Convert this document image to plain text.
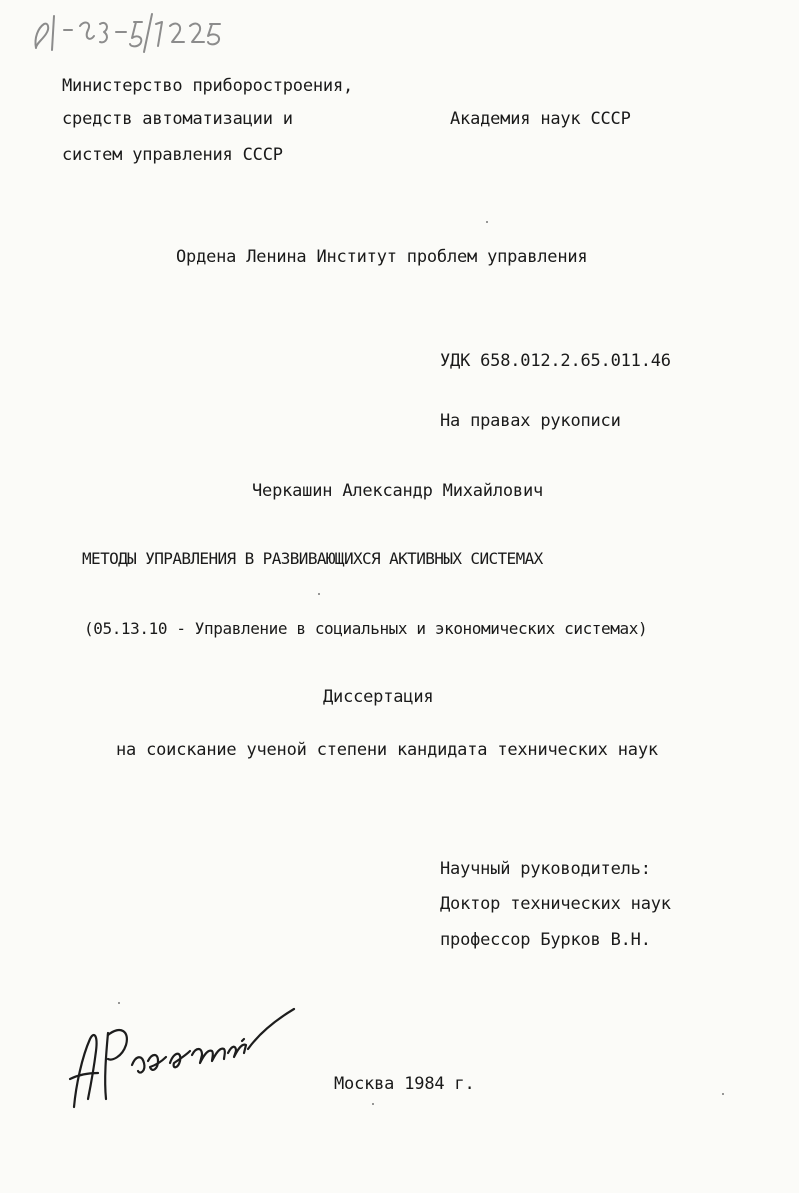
Министерство приборостроения,
средств автоматизации и
систем управления СССР
Академия наук СССР
Ордена Ленина Институт проблем управления
УДК 658.012.2.65.011.46
На правах рукописи
Черкашин Александр Михайлович
МЕТОДЫ УПРАВЛЕНИЯ В РАЗВИВАЮЩИХСЯ АКТИВНЫХ СИСТЕМАХ
(05.13.10 - Управление в социальных и экономических системах)
Диссертация
на соискание ученой степени кандидата технических наук
Научный руководитель:
Доктор технических наук
профессор Бурков В.Н.
Москва 1984 г.
